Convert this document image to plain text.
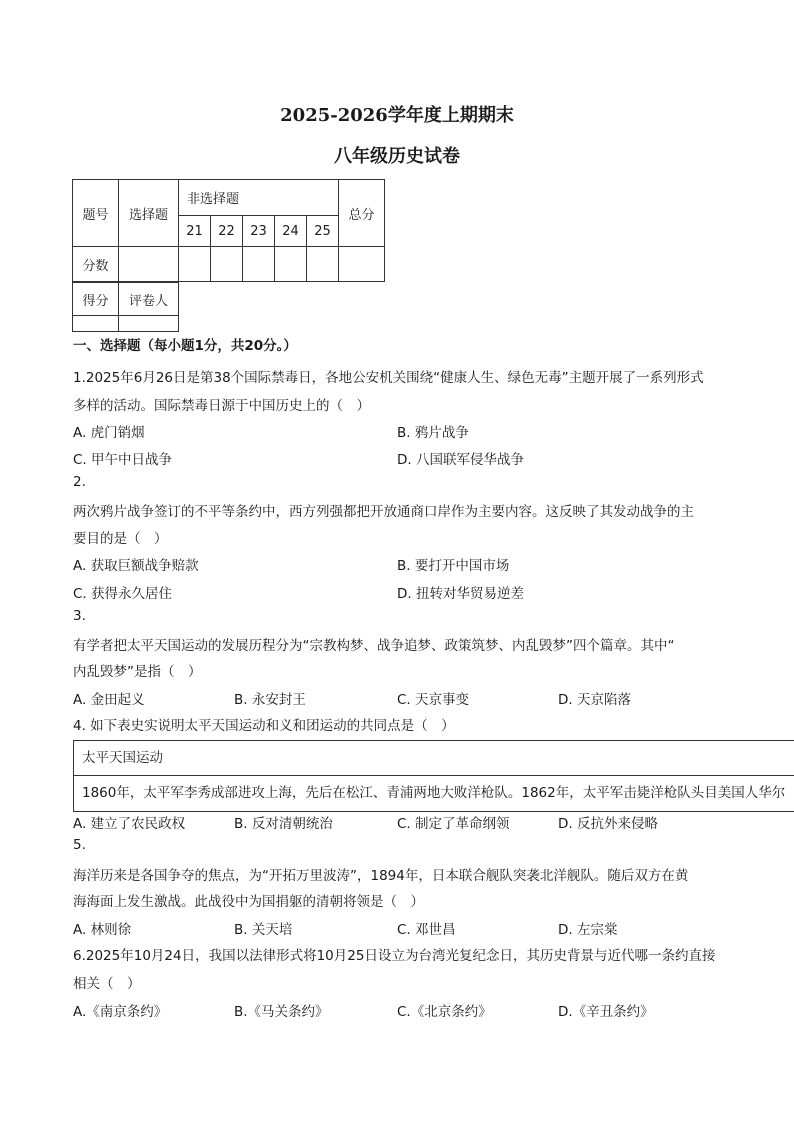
2025-2026学年度上期期末
八年级历史试卷
题号	选择题	非选择题					总分
		21	22	23	24	25	
分数							
得分	评卷人

一、选择题（每小题1分，共20分。）
1.2025年6月26日是第38个国际禁毒日，各地公安机关围绕“健康人生、绿色无毒”主题开展了一系列形式
多样的活动。国际禁毒日源于中国历史上的（　）
A. 虎门销烟	B. 鸦片战争
C. 甲午中日战争	D. 八国联军侵华战争
2.
两次鸦片战争签订的不平等条约中，西方列强都把开放通商口岸作为主要内容。这反映了其发动战争的主
要目的是（　）
A. 获取巨额战争赔款	B. 要打开中国市场
C. 获得永久居住	D. 扭转对华贸易逆差
3.
有学者把太平天国运动的发展历程分为“宗教构梦、战争追梦、政策筑梦、内乱毁梦”四个篇章。其中“
内乱毁梦”是指（　）
A. 金田起义	B. 永安封王	C. 天京事变	D. 天京陷落
4. 如下表史实说明太平天国运动和义和团运动的共同点是（　）
太平天国运动
1860年，太平军李秀成部进攻上海，先后在松江、青浦两地大败洋枪队。1862年，太平军击毙洋枪队头目美国人华尔
A. 建立了农民政权	B. 反对清朝统治	C. 制定了革命纲领	D. 反抗外来侵略
5.
海洋历来是各国争夺的焦点，为“开拓万里波涛”，1894年，日本联合舰队突袭北洋舰队。随后双方在黄
海海面上发生激战。此战役中为国捐躯的清朝将领是（　）
A. 林则徐	B. 关天培	C. 邓世昌	D. 左宗棠
6.2025年10月24日，我国以法律形式将10月25日设立为台湾光复纪念日，其历史背景与近代哪一条约直接
相关（　）
A.《南京条约》	B.《马关条约》	C.《北京条约》	D.《辛丑条约》
